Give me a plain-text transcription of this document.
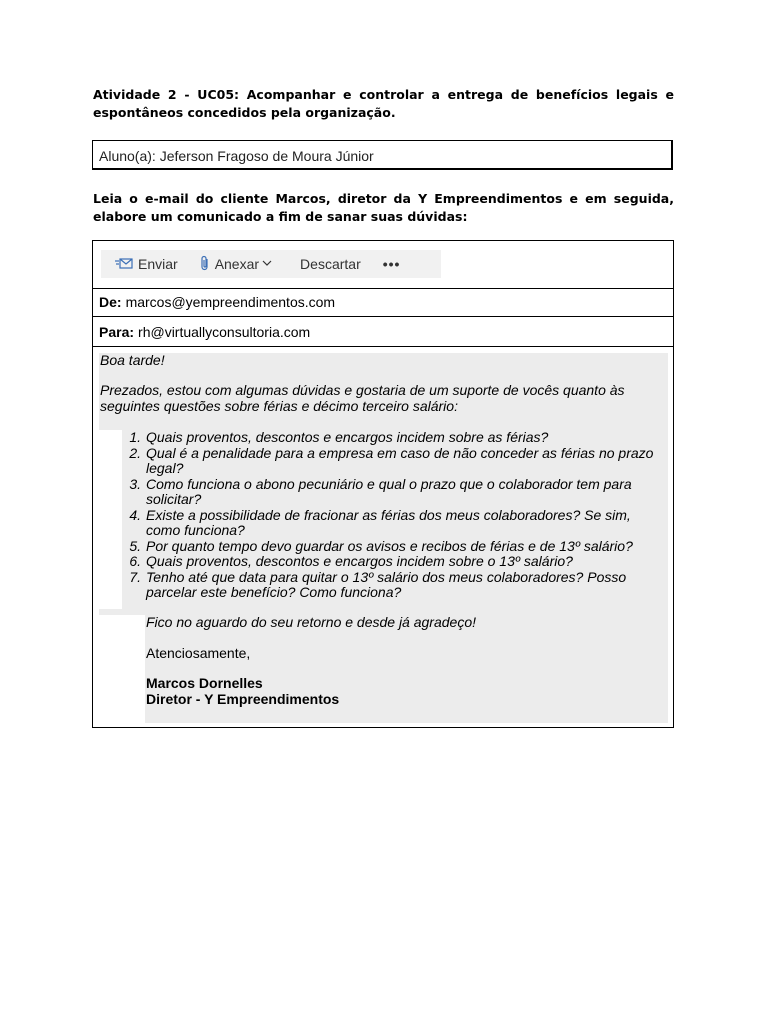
Atividade 2 - UC05: Acompanhar e controlar a entrega de benefícios legais e espontâneos concedidos pela organização.
Aluno(a): Jeferson Fragoso de Moura Júnior
Leia o e-mail do cliente Marcos, diretor da Y Empreendimentos e em seguida, elabore um comunicado a fim de sanar suas dúvidas:
Enviar	Anexar	Descartar •••
De: marcos@yempreendimentos.com
Para: rh@virtuallyconsultoria.com
Boa tarde!
Prezados, estou com algumas dúvidas e gostaria de um suporte de vocês quanto às seguintes questões sobre férias e décimo terceiro salário:
1. Quais proventos, descontos e encargos incidem sobre as férias?
2. Qual é a penalidade para a empresa em caso de não conceder as férias no prazo legal?
3. Como funciona o abono pecuniário e qual o prazo que o colaborador tem para solicitar?
4. Existe a possibilidade de fracionar as férias dos meus colaboradores? Se sim, como funciona?
5. Por quanto tempo devo guardar os avisos e recibos de férias e de 13º salário?
6. Quais proventos, descontos e encargos incidem sobre o 13º salário?
7. Tenho até que data para quitar o 13º salário dos meus colaboradores? Posso parcelar este benefício? Como funciona?
Fico no aguardo do seu retorno e desde já agradeço!
Atenciosamente,
Marcos Dornelles
Diretor - Y Empreendimentos
